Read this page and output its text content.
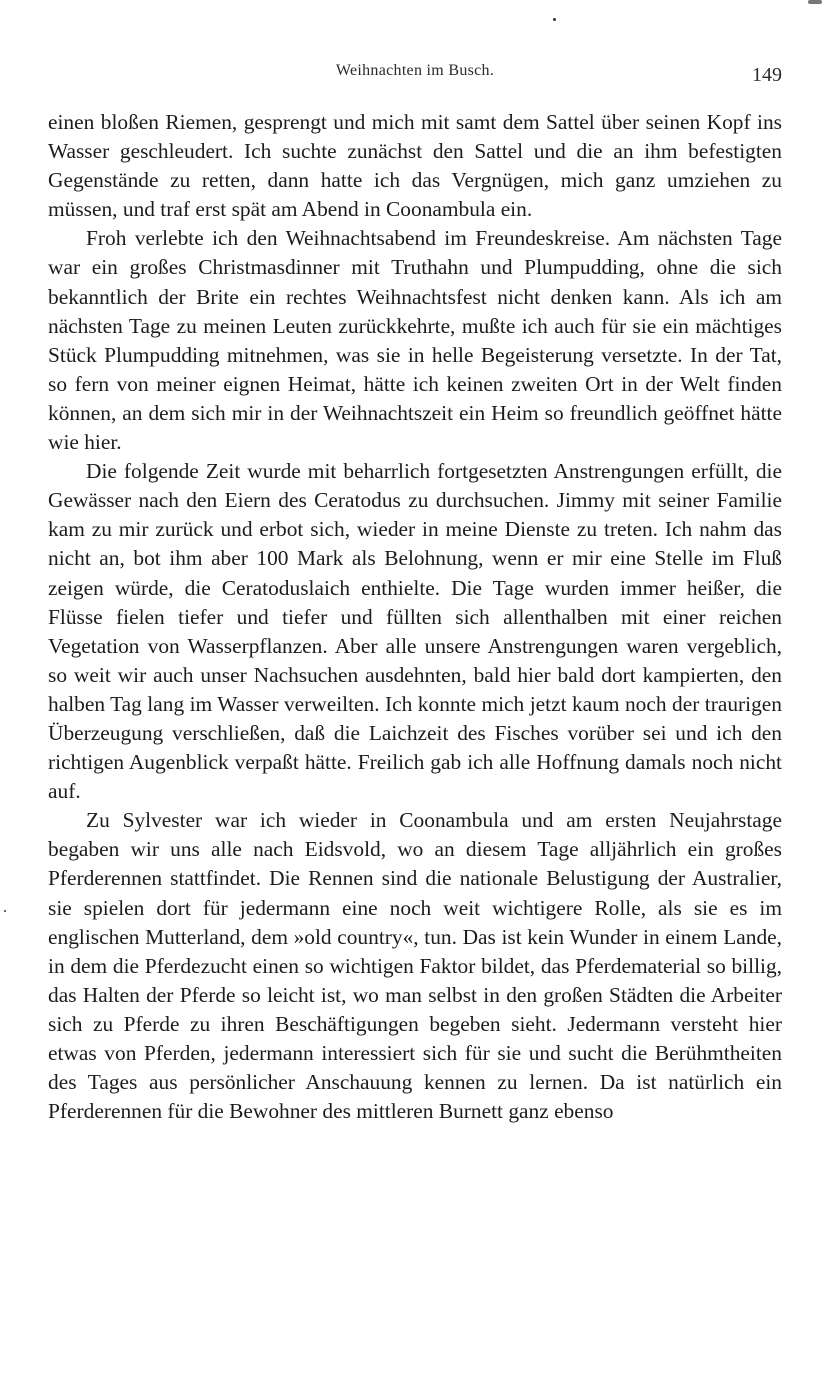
Weihnachten im Busch.	149

einen bloßen Riemen, gesprengt und mich mit samt dem Sattel über seinen Kopf ins Wasser geschleudert. Ich suchte zunächst den Sattel und die an ihm befestigten Gegenstände zu retten, dann hatte ich das Vergnügen, mich ganz umziehen zu müssen, und traf erst spät am Abend in Coonambula ein.

Froh verlebte ich den Weihnachtsabend im Freundeskreise. Am nächsten Tage war ein großes Christmasdinner mit Truthahn und Plumpudding, ohne die sich bekanntlich der Brite ein rechtes Weihnachtsfest nicht denken kann. Als ich am nächsten Tage zu meinen Leuten zurückkehrte, mußte ich auch für sie ein mächtiges Stück Plumpudding mitnehmen, was sie in helle Begeisterung versetzte. In der Tat, so fern von meiner eignen Heimat, hätte ich keinen zweiten Ort in der Welt finden können, an dem sich mir in der Weihnachtszeit ein Heim so freundlich geöffnet hätte wie hier.

Die folgende Zeit wurde mit beharrlich fortgesetzten Anstrengungen erfüllt, die Gewässer nach den Eiern des Ceratodus zu durchsuchen. Jimmy mit seiner Familie kam zu mir zurück und erbot sich, wieder in meine Dienste zu treten. Ich nahm das nicht an, bot ihm aber 100 Mark als Belohnung, wenn er mir eine Stelle im Fluß zeigen würde, die Ceratoduslaich enthielte. Die Tage wurden immer heißer, die Flüsse fielen tiefer und tiefer und füllten sich allenthalben mit einer reichen Vegetation von Wasserpflanzen. Aber alle unsere Anstrengungen waren vergeblich, so weit wir auch unser Nachsuchen ausdehnten, bald hier bald dort kampierten, den halben Tag lang im Wasser verweilten. Ich konnte mich jetzt kaum noch der traurigen Überzeugung verschließen, daß die Laichzeit des Fisches vorüber sei und ich den richtigen Augenblick verpaßt hätte. Freilich gab ich alle Hoffnung damals noch nicht auf.

Zu Sylvester war ich wieder in Coonambula und am ersten Neujahrstage begaben wir uns alle nach Eidsvold, wo an diesem Tage alljährlich ein großes Pferderennen stattfindet. Die Rennen sind die nationale Belustigung der Australier, sie spielen dort für jedermann eine noch weit wichtigere Rolle, als sie es im englischen Mutterland, dem »old country«, tun. Das ist kein Wunder in einem Lande, in dem die Pferdezucht einen so wichtigen Faktor bildet, das Pferdematerial so billig, das Halten der Pferde so leicht ist, wo man selbst in den großen Städten die Arbeiter sich zu Pferde zu ihren Beschäftigungen begeben sieht. Jedermann versteht hier etwas von Pferden, jedermann interessiert sich für sie und sucht die Berühmtheiten des Tages aus persönlicher Anschauung kennen zu lernen. Da ist natürlich ein Pferderennen für die Bewohner des mittleren Burnett ganz ebenso
